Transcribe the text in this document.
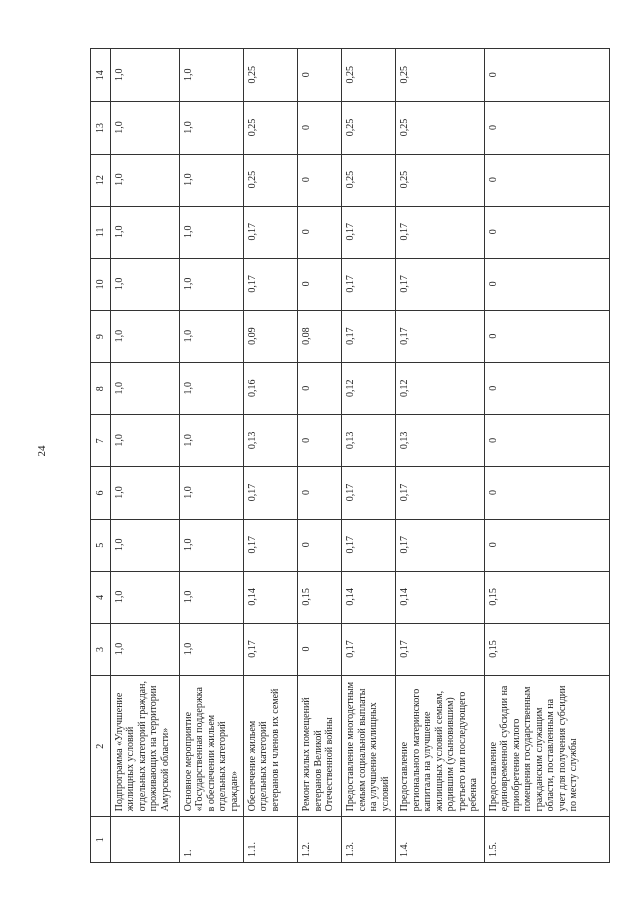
24
1	2	3	4	5	6	7	8	9	10	11	12	13	14
	Подпрограмма «Улучшение жилищных условий отдельных категорий граждан, проживающих на территории Амурской области»	1,0	1,0	1,0	1,0	1,0	1,0	1,0	1,0	1,0	1,0	1,0	1,0
1.	Основное мероприятие «Государственная поддержка в обеспечении жильем отдельных категорий граждан»	1,0	1,0	1,0	1,0	1,0	1,0	1,0	1,0	1,0	1,0	1,0	1,0
1.1.	Обеспечение жильем отдельных категорий ветеранов и членов их семей	0,17	0,14	0,17	0,17	0,13	0,16	0,09	0,17	0,17	0,25	0,25	0,25
1.2.	Ремонт жилых помещений ветеранов Великой Отечественной войны	0	0,15	0	0	0	0	0,08	0	0	0	0	0
1.3.	Предоставление многодетным семьям социальной выплаты на улучшение жилищных условий	0,17	0,14	0,17	0,17	0,13	0,12	0,17	0,17	0,17	0,25	0,25	0,25
1.4.	Предоставление регионального материнского капитала на улучшение жилищных условий семьям, родившим (усыновившим) третьего или последующего ребенка	0,17	0,14	0,17	0,17	0,13	0,12	0,17	0,17	0,17	0,25	0,25	0,25
1.5.	Предоставление единовременной субсидии на приобретение жилого помещения государственным гражданским служащим области, поставленным на учет для получения субсидии по месту службы	0,15	0,15	0	0	0	0	0	0	0	0	0	0
